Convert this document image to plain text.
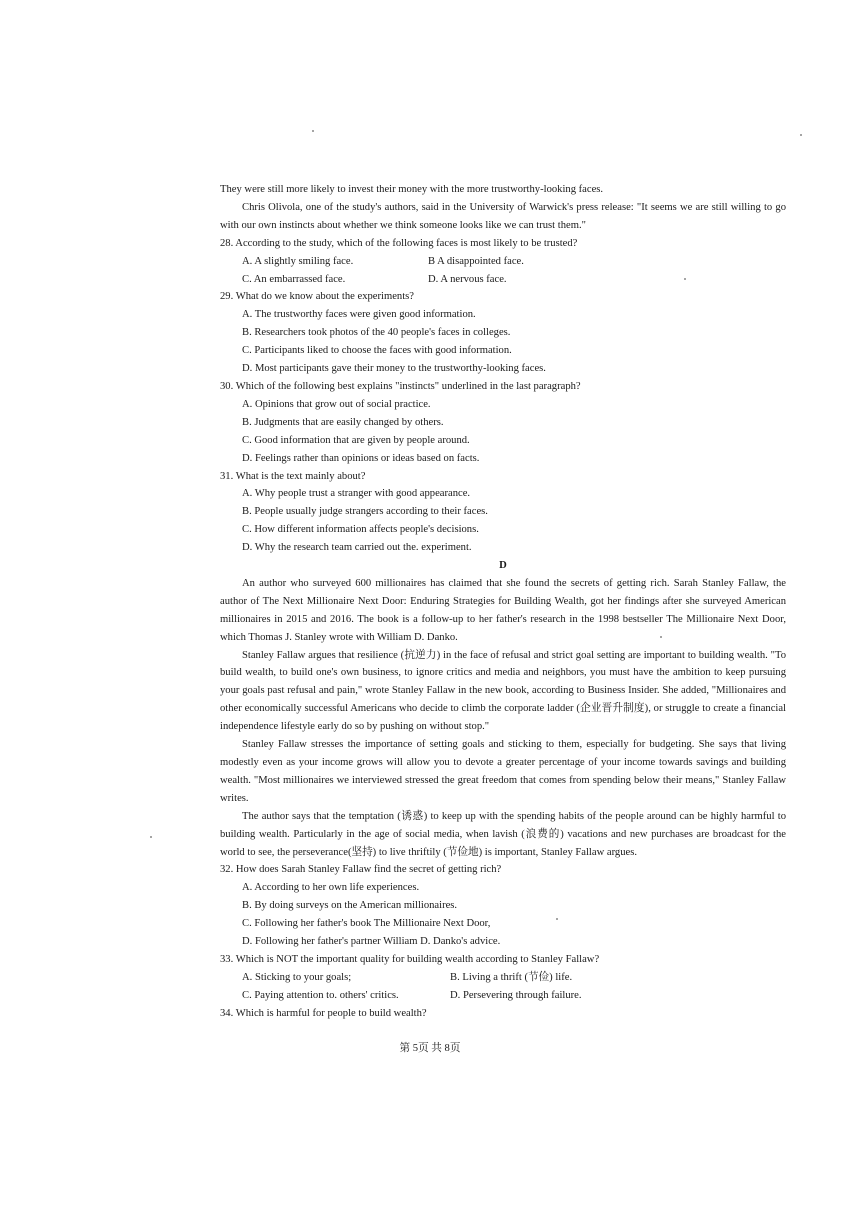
They were still more likely to invest their money with the more trustworthy-looking faces.

Chris Olivola, one of the study's authors, said in the University of Warwick's press release: "It seems we are still willing to go with our own instincts about whether we think someone looks like we can trust them."

28. According to the study, which of the following faces is most likely to be trusted?

A. A slightly smiling face.	B A disappointed face.
C. An embarrassed face.	D. A nervous face.

29. What do we know about the experiments?

A. The trustworthy faces were given good information.

B. Researchers took photos of the 40 people's faces in colleges.

C. Participants liked to choose the faces with good information.

D. Most participants gave their money to the trustworthy-looking faces.

30. Which of the following best explains "instincts" underlined in the last paragraph?

A. Opinions that grow out of social practice.

B. Judgments that are easily changed by others.

C. Good information that are given by people around.

D. Feelings rather than opinions or ideas based on facts.

31. What is the text mainly about?

A. Why people trust a stranger with good appearance.

B. People usually judge strangers according to their faces.

C. How different information affects people's decisions.

D. Why the research team carried out the. experiment.

D

An author who surveyed 600 millionaires has claimed that she found the secrets of getting rich. Sarah Stanley Fallaw, the author of The Next Millionaire Next Door: Enduring Strategies for Building Wealth, got her findings after she surveyed American millionaires in 2015 and 2016. The book is a follow-up to her father's research in the 1998 bestseller The Millionaire Next Door, which Thomas J. Stanley wrote with William D. Danko.

Stanley Fallaw argues that resilience (抗逆力) in the face of refusal and strict goal setting are important to building wealth. "To build wealth, to build one's own business, to ignore critics and media and neighbors, you must have the ambition to keep pursuing your goals past refusal and pain," wrote Stanley Fallaw in the new book, according to Business Insider. She added, "Millionaires and other economically successful Americans who decide to climb the corporate ladder (企业晋升制度), or struggle to create a financial independence lifestyle early do so by pushing on without stop."

Stanley Fallaw stresses the importance of setting goals and sticking to them, especially for budgeting. She says that living modestly even as your income grows will allow you to devote a greater percentage of your income towards savings and building wealth. "Most millionaires we interviewed stressed the great freedom that comes from spending below their means," Stanley Fallaw writes.

The author says that the temptation (诱惑) to keep up with the spending habits of the people around can be highly harmful to building wealth. Particularly in the age of social media, when lavish (浪费的) vacations and new purchases are broadcast for the world to see, the perseverance(坚持) to live thriftily (节俭地) is important, Stanley Fallaw argues.

32. How does Sarah Stanley Fallaw find the secret of getting rich?

A. According to her own life experiences.

B. By doing surveys on the American millionaires.

C. Following her father's book The Millionaire Next Door,

D. Following her father's partner William D. Danko's advice.

33. Which is NOT the important quality for building wealth according to Stanley Fallaw?

A. Sticking to your goals;	B. Living a thrift (节俭) life.
C. Paying attention to. others' critics.	D. Persevering through failure.

34. Which is harmful for people to build wealth?

第 5页 共 8页
